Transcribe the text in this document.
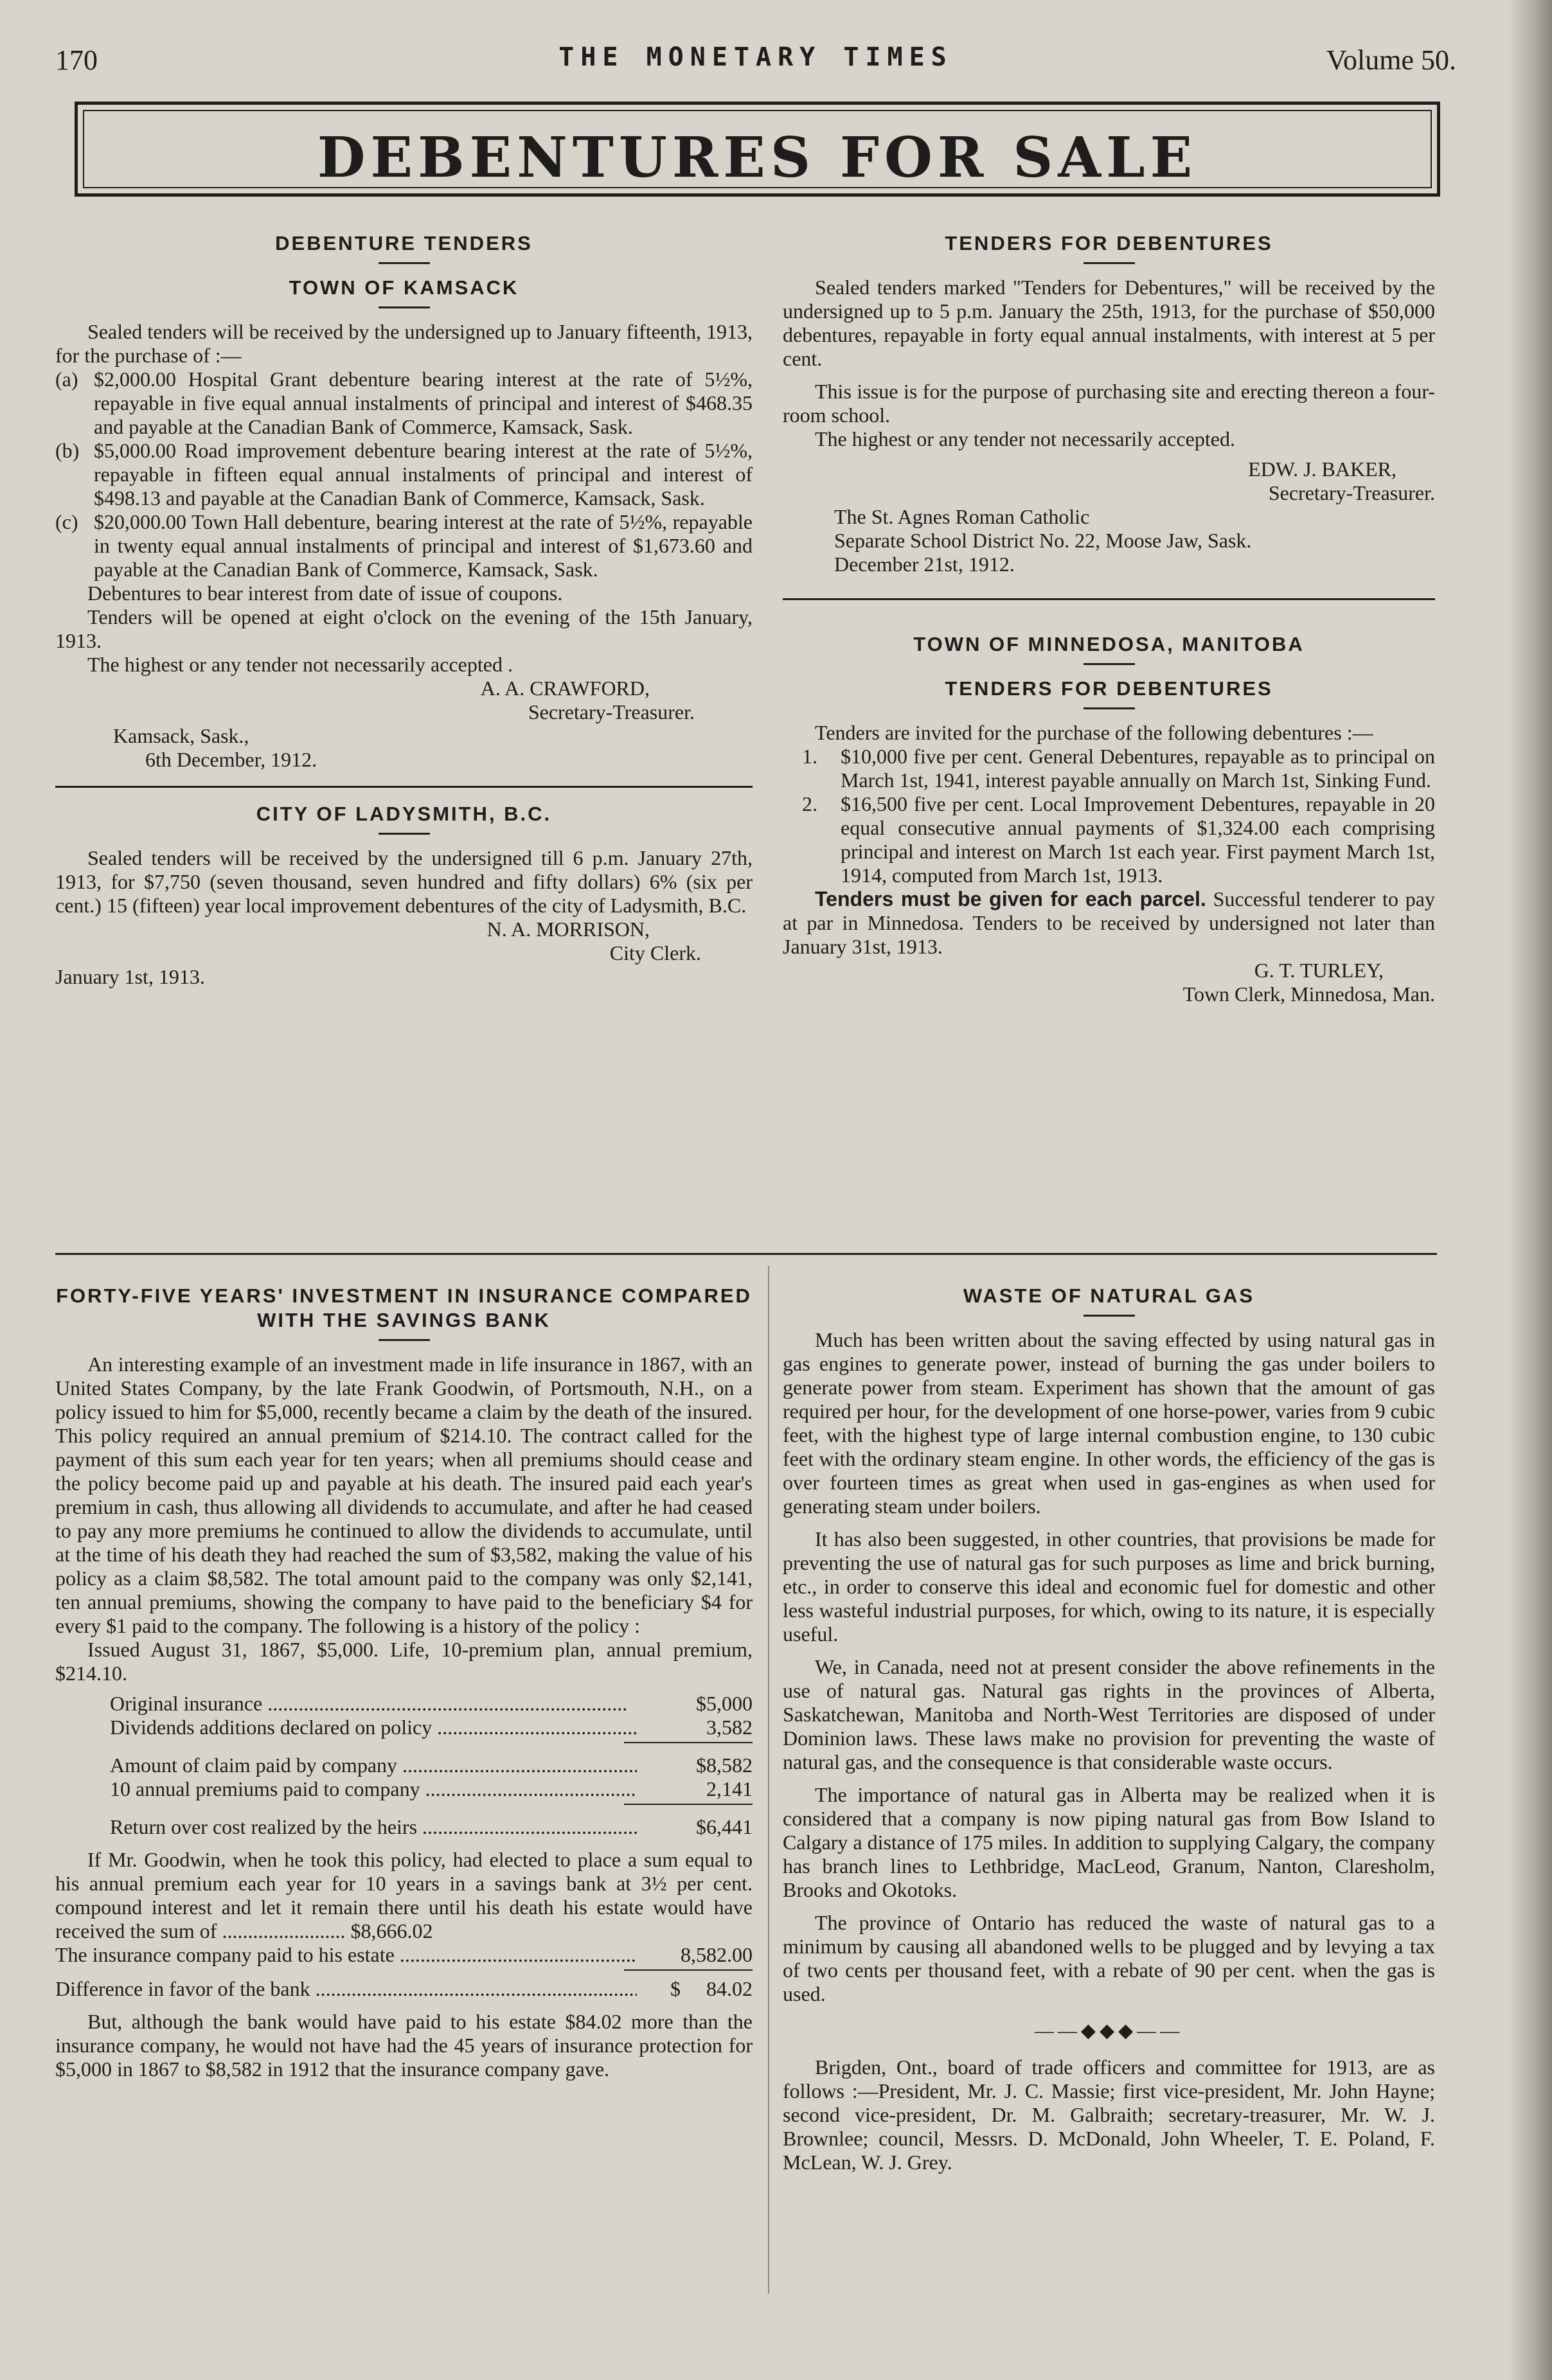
170	THE MONETARY TIMES	Volume 50.
DEBENTURES FOR SALE
DEBENTURE TENDERS
TOWN OF KAMSACK

Sealed tenders will be received by the undersigned up to January fifteenth, 1913, for the purchase of :—

(a) $2,000.00 Hospital Grant debenture bearing interest at the rate of 5½%, repayable in five equal annual instalments of principal and interest of $468.35 and payable at the Canadian Bank of Commerce, Kamsack, Sask.
(b) $5,000.00 Road improvement debenture bearing interest at the rate of 5½%, repayable in fifteen equal annual instalments of principal and interest of $498.13 and payable at the Canadian Bank of Commerce, Kamsack, Sask.
(c) $20,000.00 Town Hall debenture, bearing interest at the rate of 5½%, repayable in twenty equal annual instalments of principal and interest of $1,673.60 and payable at the Canadian Bank of Commerce, Kamsack, Sask.

Debentures to bear interest from date of issue of coupons.

Tenders will be opened at eight o'clock on the evening of the 15th January, 1913.

The highest or any tender not necessarily accepted .

A. A. CRAWFORD,
Secretary-Treasurer.
Kamsack, Sask.,
6th December, 1912.
CITY OF LADYSMITH, B.C.

Sealed tenders will be received by the undersigned till 6 p.m. January 27th, 1913, for $7,750 (seven thousand, seven hundred and fifty dollars) 6% (six per cent.) 15 (fifteen) year local improvement debentures of the city of Ladysmith, B.C.

N. A. MORRISON,
City Clerk.
January 1st, 1913.
TENDERS FOR DEBENTURES

Sealed tenders marked "Tenders for Debentures," will be received by the undersigned up to 5 p.m. January the 25th, 1913, for the purchase of $50,000 debentures, repayable in forty equal annual instalments, with interest at 5 per cent.

This issue is for the purpose of purchasing site and erecting thereon a four-room school.

The highest or any tender not necessarily accepted.

EDW. J. BAKER,
Secretary-Treasurer.
The St. Agnes Roman Catholic
Separate School District No. 22, Moose Jaw, Sask.
December 21st, 1912.
TOWN OF MINNEDOSA, MANITOBA
TENDERS FOR DEBENTURES

Tenders are invited for the purchase of the following debentures :—

1.	$10,000 five per cent. General Debentures, repayable as to principal on March 1st, 1941, interest payable annually on March 1st, Sinking Fund.
2.	$16,500 five per cent. Local Improvement Debentures, repayable in 20 equal consecutive annual payments of $1,324.00 each comprising principal and interest on March 1st each year. First payment March 1st, 1914, computed from March 1st, 1913.

Tenders must be given for each parcel. Successful tenderer to pay at par in Minnedosa. Tenders to be received by undersigned not later than January 31st, 1913.

G. T. TURLEY,
Town Clerk, Minnedosa, Man.
FORTY-FIVE YEARS' INVESTMENT IN INSURANCE COMPARED WITH THE SAVINGS BANK

An interesting example of an investment made in life insurance in 1867, with an United States Company, by the late Frank Goodwin, of Portsmouth, N.H., on a policy issued to him for $5,000, recently became a claim by the death of the insured. This policy required an annual premium of $214.10. The contract called for the payment of this sum each year for ten years; when all premiums should cease and the policy become paid up and payable at his death. The insured paid each year's premium in cash, thus allowing all dividends to accumulate, and after he had ceased to pay any more premiums he continued to allow the dividends to accumulate, until at the time of his death they had reached the sum of $3,582, making the value of his policy as a claim $8,582. The total amount paid to the company was only $2,141, ten annual premiums, showing the company to have paid to the beneficiary $4 for every $1 paid to the company. The following is a history of the policy :

Issued August 31, 1867, $5,000. Life, 10-premium plan, annual premium, $214.10.

Original insurance .....	$5,000
Dividends additions declared on policy .....	3,582
Amount of claim paid by company .....	$8,582
10 annual premiums paid to company .....	2,141
Return over cost realized by the heirs .....	$6,441

If Mr. Goodwin, when he took this policy, had elected to place a sum equal to his annual premium each year for 10 years in a savings bank at 3½ per cent. compound interest and let it remain there until his death his estate would have received the sum of ........................ $8,666.02

The insurance company paid to his estate .....	8,582.00
Difference in favor of the bank .....	$     84.02

But, although the bank would have paid to his estate $84.02 more than the insurance company, he would not have had the 45 years of insurance protection for $5,000 in 1867 to $8,582 in 1912 that the insurance company gave.

WASTE OF NATURAL GAS

Much has been written about the saving effected by using natural gas in gas engines to generate power, instead of burning the gas under boilers to generate power from steam. Experiment has shown that the amount of gas required per hour, for the development of one horse-power, varies from 9 cubic feet, with the highest type of large internal combustion engine, to 130 cubic feet with the ordinary steam engine. In other words, the efficiency of the gas is over fourteen times as great when used in gas-engines as when used for generating steam under boilers.

It has also been suggested, in other countries, that provisions be made for preventing the use of natural gas for such purposes as lime and brick burning, etc., in order to conserve this ideal and economic fuel for domestic and other less wasteful industrial purposes, for which, owing to its nature, it is especially useful.

We, in Canada, need not at present consider the above refinements in the use of natural gas. Natural gas rights in the provinces of Alberta, Saskatchewan, Manitoba and North-West Territories are disposed of under Dominion laws. These laws make no provision for preventing the waste of natural gas, and the consequence is that considerable waste occurs.

The importance of natural gas in Alberta may be realized when it is considered that a company is now piping natural gas from Bow Island to Calgary a distance of 175 miles. In addition to supplying Calgary, the company has branch lines to Lethbridge, MacLeod, Granum, Nanton, Claresholm, Brooks and Okotoks.

The province of Ontario has reduced the waste of natural gas to a minimum by causing all abandoned wells to be plugged and by levying a tax of two cents per thousand feet, with a rebate of 90 per cent. when the gas is used.

——◆◆◆——

Brigden, Ont., board of trade officers and committee for 1913, are as follows :—President, Mr. J. C. Massie; first vice-president, Mr. John Hayne; second vice-president, Dr. M. Galbraith; secretary-treasurer, Mr. W. J. Brownlee; council, Messrs. D. McDonald, John Wheeler, T. E. Poland, F. McLean, W. J. Grey.
